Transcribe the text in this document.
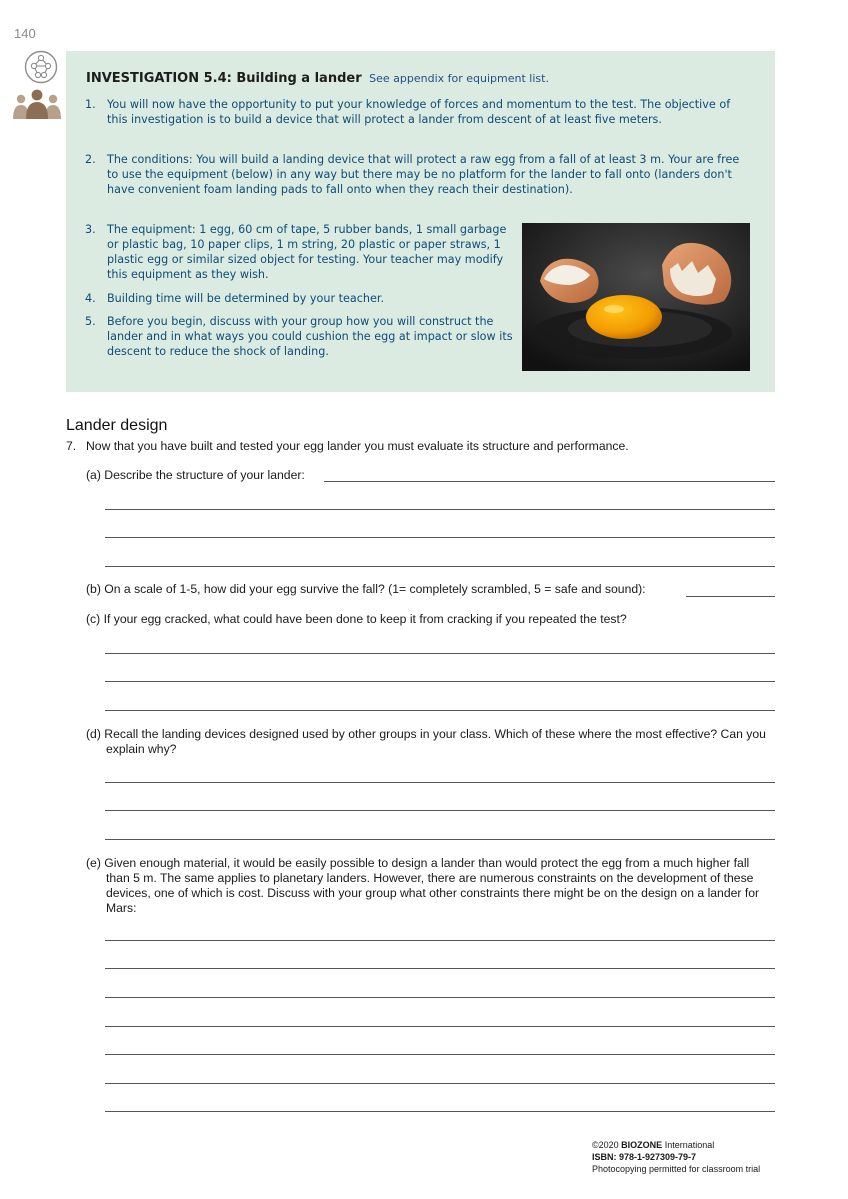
140
INVESTIGATION 5.4: Building a lander See appendix for equipment list.
1.	You will now have the opportunity to put your knowledge of forces and momentum to the test. The objective of this investigation is to build a device that will protect a lander from descent of at least five meters.
2.	The conditions: You will build a landing device that will protect a raw egg from a fall of at least 3 m. Your are free to use the equipment (below) in any way but there may be no platform for the lander to fall onto (landers don't have convenient foam landing pads to fall onto when they reach their destination).
3.	The equipment: 1 egg, 60 cm of tape, 5 rubber bands, 1 small garbage or plastic bag, 10 paper clips, 1 m string, 20 plastic or paper straws, 1 plastic egg or similar sized object for testing. Your teacher may modify this equipment as they wish.
4.	Building time will be determined by your teacher.
5.	Before you begin, discuss with your group how you will construct the lander and in what ways you could cushion the egg at impact or slow its descent to reduce the shock of landing.
Lander design
7. Now that you have built and tested your egg lander you must evaluate its structure and performance.
(a) Describe the structure of your lander:
(b) On a scale of 1-5, how did your egg survive the fall? (1= completely scrambled, 5 = safe and sound):
(c) If your egg cracked, what could have been done to keep it from cracking if you repeated the test?
(d) Recall the landing devices designed used by other groups in your class. Which of these where the most effective? Can you explain why?
(e) Given enough material, it would be easily possible to design a lander than would protect the egg from a much higher fall than 5 m. The same applies to planetary landers. However, there are numerous constraints on the development of these devices, one of which is cost. Discuss with your group what other constraints there might be on the design on a lander for Mars:
©2020 BIOZONE International
ISBN: 978-1-927309-79-7
Photocopying permitted for classroom trial
